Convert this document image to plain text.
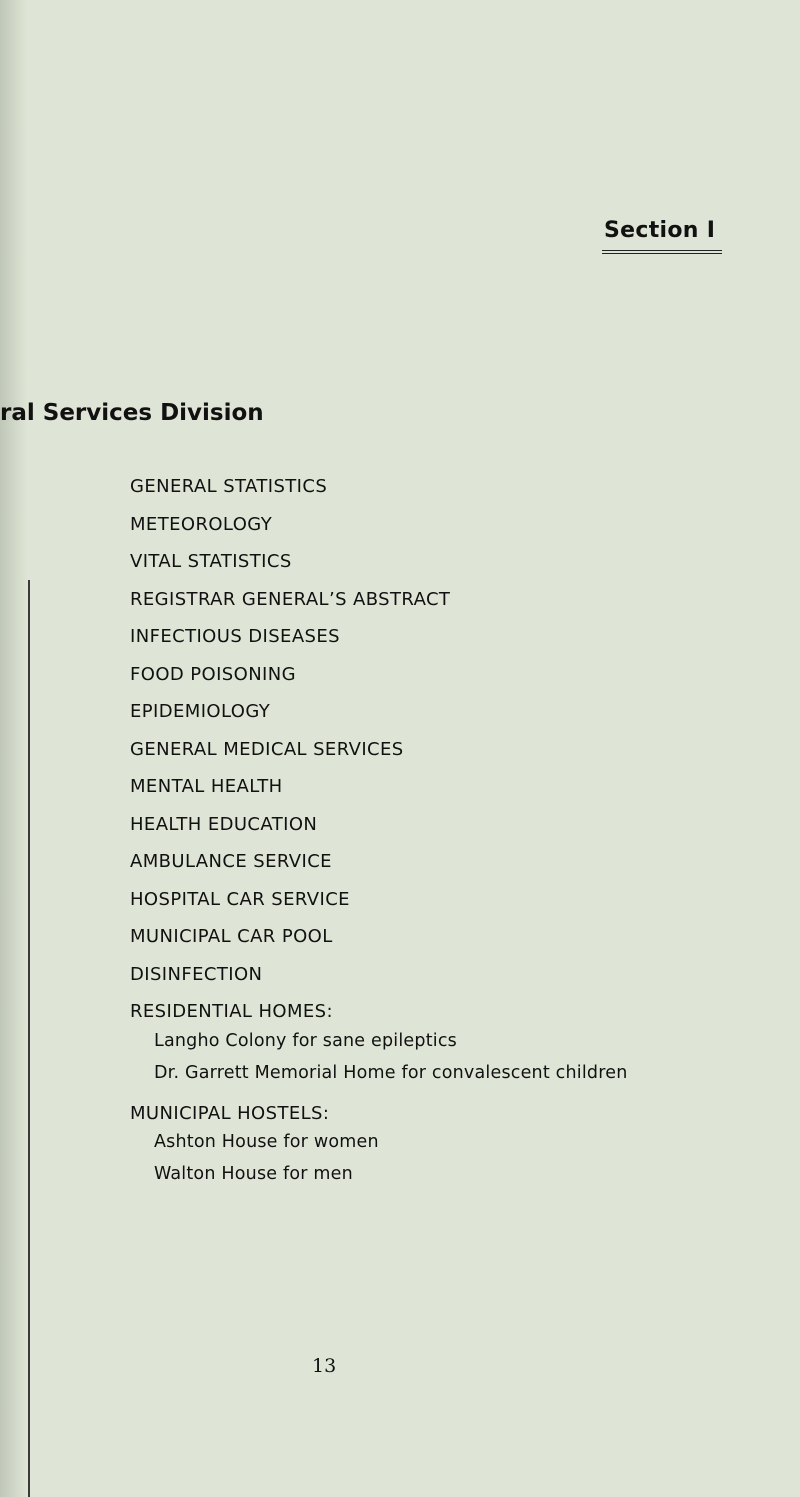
Section I
ral Services Division
GENERAL STATISTICS
METEOROLOGY
VITAL STATISTICS
REGISTRAR GENERAL’S ABSTRACT
INFECTIOUS DISEASES
FOOD POISONING
EPIDEMIOLOGY
GENERAL MEDICAL SERVICES
MENTAL HEALTH
HEALTH EDUCATION
AMBULANCE SERVICE
HOSPITAL CAR SERVICE
MUNICIPAL CAR POOL
DISINFECTION
RESIDENTIAL HOMES:
Langho Colony for sane epileptics
Dr. Garrett Memorial Home for convalescent children
MUNICIPAL HOSTELS:
Ashton House for women
Walton House for men
13
